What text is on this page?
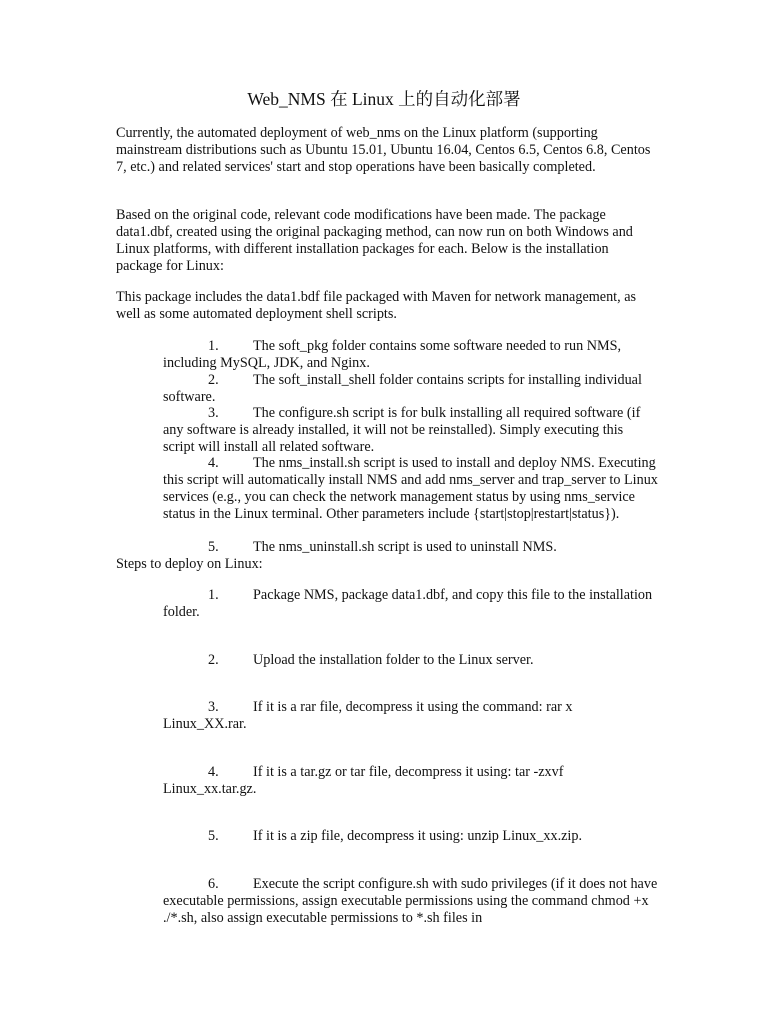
Web_NMS 在 Linux 上的自动化部署

Currently, the automated deployment of web_nms on the Linux platform (supporting mainstream distributions such as Ubuntu 15.01, Ubuntu 16.04, Centos 6.5, Centos 6.8, Centos 7, etc.) and related services' start and stop operations have been basically completed.

Based on the original code, relevant code modifications have been made. The package data1.dbf, created using the original packaging method, can now run on both Windows and Linux platforms, with different installation packages for each. Below is the installation package for Linux:

This package includes the data1.bdf file packaged with Maven for network management, as well as some automated deployment shell scripts.

1. The soft_pkg folder contains some software needed to run NMS, including MySQL, JDK, and Nginx.

2. The soft_install_shell folder contains scripts for installing individual software.

3. The configure.sh script is for bulk installing all required software (if any software is already installed, it will not be reinstalled). Simply executing this script will install all related software.

4. The nms_install.sh script is used to install and deploy NMS. Executing this script will automatically install NMS and add nms_server and trap_server to Linux services (e.g., you can check the network management status by using nms_service status in the Linux terminal. Other parameters include {start|stop|restart|status}).

5. The nms_uninstall.sh script is used to uninstall NMS.

Steps to deploy on Linux:

1. Package NMS, package data1.dbf, and copy this file to the installation folder.

2. Upload the installation folder to the Linux server.

3. If it is a rar file, decompress it using the command: rar x Linux_XX.rar.

4. If it is a tar.gz or tar file, decompress it using: tar -zxvf Linux_xx.tar.gz.

5. If it is a zip file, decompress it using: unzip Linux_xx.zip.

6. Execute the script configure.sh with sudo privileges (if it does not have executable permissions, assign executable permissions using the command chmod +x ./*.sh, also assign executable permissions to *.sh files in
